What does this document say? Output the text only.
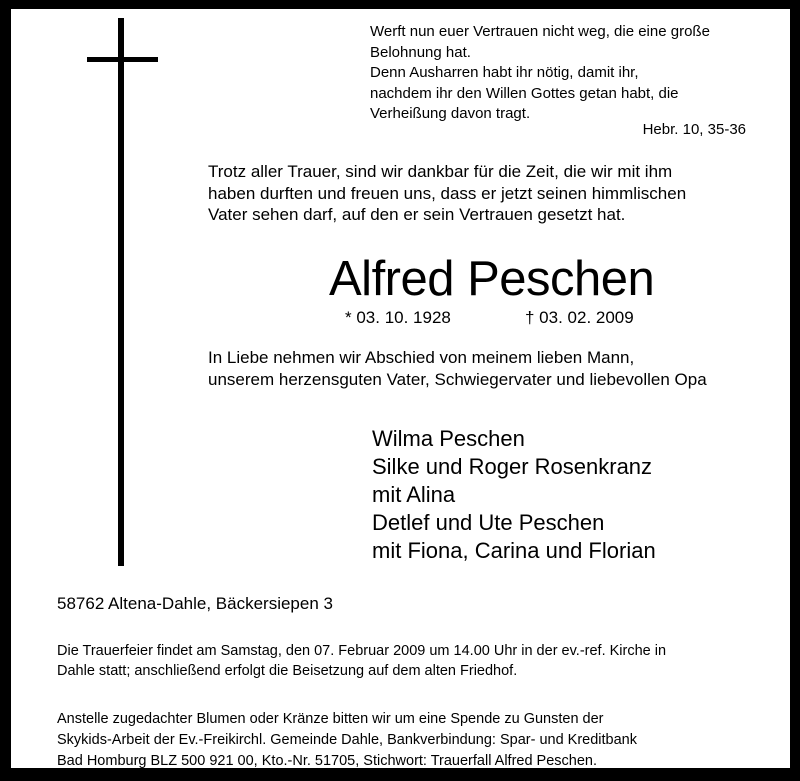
Werft nun euer Vertrauen nicht weg, die eine große
Belohnung hat.
Denn Ausharren habt ihr nötig, damit ihr,
nachdem ihr den Willen Gottes getan habt, die
Verheißung davon tragt.
Hebr. 10, 35-36
Trotz aller Trauer, sind wir dankbar für die Zeit, die wir mit ihm
haben durften und freuen uns, dass er jetzt seinen himmlischen
Vater sehen darf, auf den er sein Vertrauen gesetzt hat.
Alfred Peschen
* 03. 10. 1928	† 03. 02. 2009
In Liebe nehmen wir Abschied von meinem lieben Mann,
unserem herzensguten Vater, Schwiegervater und liebevollen Opa
Wilma Peschen
Silke und Roger Rosenkranz
mit Alina
Detlef und Ute Peschen
mit Fiona, Carina und Florian
58762 Altena-Dahle, Bäckersiepen 3
Die Trauerfeier findet am Samstag, den 07. Februar 2009 um 14.00 Uhr in der ev.-ref. Kirche in
Dahle statt; anschließend erfolgt die Beisetzung auf dem alten Friedhof.
Anstelle zugedachter Blumen oder Kränze bitten wir um eine Spende zu Gunsten der
Skykids-Arbeit der Ev.-Freikirchl. Gemeinde Dahle, Bankverbindung: Spar- und Kreditbank
Bad Homburg BLZ 500 921 00, Kto.-Nr. 51705, Stichwort: Trauerfall Alfred Peschen.
